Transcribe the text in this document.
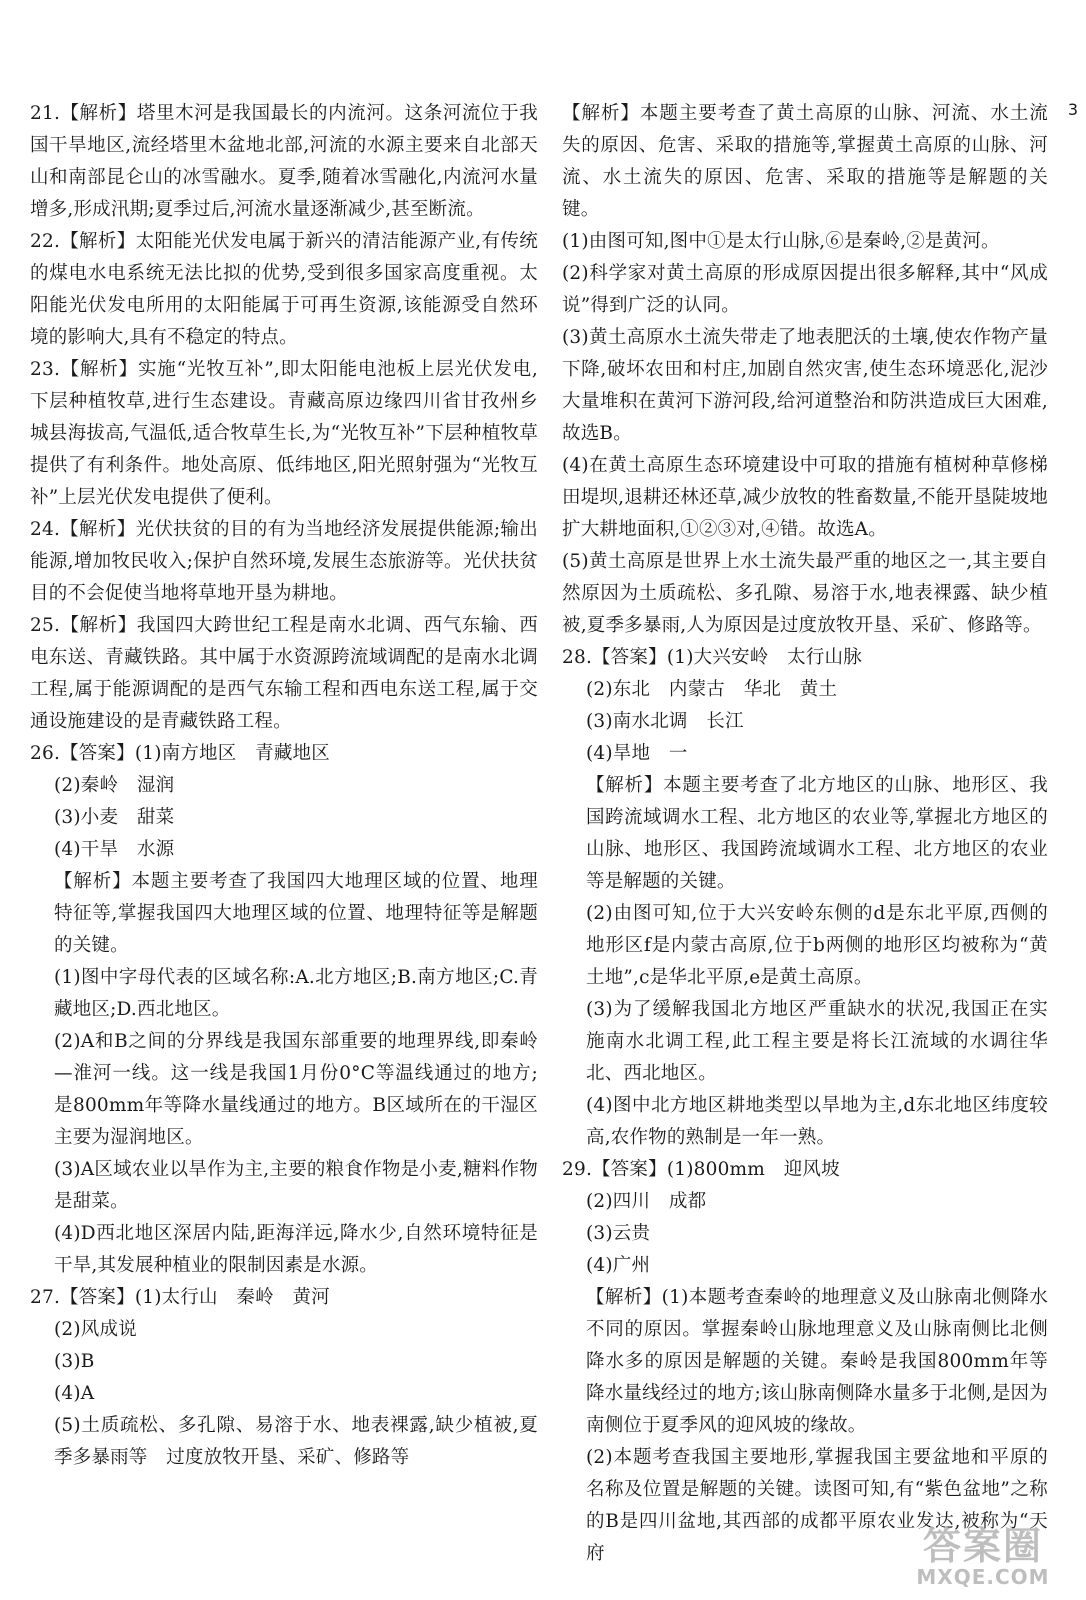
21.【解析】塔里木河是我国最长的内流河。这条河流位于我国干旱地区,流经塔里木盆地北部,河流的水源主要来自北部天山和南部昆仑山的冰雪融水。夏季,随着冰雪融化,内流河水量增多,形成汛期;夏季过后,河流水量逐渐减少,甚至断流。

22.【解析】太阳能光伏发电属于新兴的清洁能源产业,有传统的煤电水电系统无法比拟的优势,受到很多国家高度重视。太阳能光伏发电所用的太阳能属于可再生资源,该能源受自然环境的影响大,具有不稳定的特点。

23.【解析】实施“光牧互补”,即太阳能电池板上层光伏发电,下层种植牧草,进行生态建设。青藏高原边缘四川省甘孜州乡城县海拔高,气温低,适合牧草生长,为“光牧互补”下层种植牧草提供了有利条件。地处高原、低纬地区,阳光照射强为“光牧互补”上层光伏发电提供了便利。

24.【解析】光伏扶贫的目的有为当地经济发展提供能源;输出能源,增加牧民收入;保护自然环境,发展生态旅游等。光伏扶贫目的不会促使当地将草地开垦为耕地。

25.【解析】我国四大跨世纪工程是南水北调、西气东输、西电东送、青藏铁路。其中属于水资源跨流域调配的是南水北调工程,属于能源调配的是西气东输工程和西电东送工程,属于交通设施建设的是青藏铁路工程。

26.【答案】(1)南方地区　青藏地区

(2)秦岭　湿润

(3)小麦　甜菜

(4)干旱　水源

【解析】本题主要考查了我国四大地理区域的位置、地理特征等,掌握我国四大地理区域的位置、地理特征等是解题的关键。

(1)图中字母代表的区域名称:A.北方地区;B.南方地区;C.青藏地区;D.西北地区。

(2)A和B之间的分界线是我国东部重要的地理界线,即秦岭—淮河一线。这一线是我国1月份0°C等温线通过的地方;是800mm年等降水量线通过的地方。B区域所在的干湿区主要为湿润地区。

(3)A区域农业以旱作为主,主要的粮食作物是小麦,糖料作物是甜菜。

(4)D西北地区深居内陆,距海洋远,降水少,自然环境特征是干旱,其发展种植业的限制因素是水源。

27.【答案】(1)太行山　秦岭　黄河

(2)风成说

(3)B

(4)A

(5)土质疏松、多孔隙、易溶于水、地表裸露,缺少植被,夏季多暴雨等　过度放牧开垦、采矿、修路等

【解析】本题主要考查了黄土高原的山脉、河流、水土流失的原因、危害、采取的措施等,掌握黄土高原的山脉、河流、水土流失的原因、危害、采取的措施等是解题的关键。

(1)由图可知,图中①是太行山脉,⑥是秦岭,②是黄河。

(2)科学家对黄土高原的形成原因提出很多解释,其中“风成说”得到广泛的认同。

(3)黄土高原水土流失带走了地表肥沃的土壤,使农作物产量下降,破坏农田和村庄,加剧自然灾害,使生态环境恶化,泥沙大量堆积在黄河下游河段,给河道整治和防洪造成巨大困难,故选B。

(4)在黄土高原生态环境建设中可取的措施有植树种草修梯田堤坝,退耕还林还草,减少放牧的牲畜数量,不能开垦陡坡地扩大耕地面积,①②③对,④错。故选A。

(5)黄土高原是世界上水土流失最严重的地区之一,其主要自然原因为土质疏松、多孔隙、易溶于水,地表裸露、缺少植被,夏季多暴雨,人为原因是过度放牧开垦、采矿、修路等。

28.【答案】(1)大兴安岭　太行山脉

(2)东北　内蒙古　华北　黄土

(3)南水北调　长江

(4)旱地　一

【解析】本题主要考查了北方地区的山脉、地形区、我国跨流域调水工程、北方地区的农业等,掌握北方地区的山脉、地形区、我国跨流域调水工程、北方地区的农业等是解题的关键。

(2)由图可知,位于大兴安岭东侧的d是东北平原,西侧的地形区f是内蒙古高原,位于b两侧的地形区均被称为“黄土地”,c是华北平原,e是黄土高原。

(3)为了缓解我国北方地区严重缺水的状况,我国正在实施南水北调工程,此工程主要是将长江流域的水调往华北、西北地区。

(4)图中北方地区耕地类型以旱地为主,d东北地区纬度较高,农作物的熟制是一年一熟。

29.【答案】(1)800mm　迎风坡

(2)四川　成都

(3)云贵

(4)广州

【解析】(1)本题考查秦岭的地理意义及山脉南北侧降水不同的原因。掌握秦岭山脉地理意义及山脉南侧比北侧降水多的原因是解题的关键。秦岭是我国800mm年等降水量线经过的地方;该山脉南侧降水量多于北侧,是因为南侧位于夏季风的迎风坡的缘故。

(2)本题考查我国主要地形,掌握我国主要盆地和平原的名称及位置是解题的关键。读图可知,有“紫色盆地”之称的B是四川盆地,其西部的成都平原农业发达,被称为“天府

3
答案圈
MXQE.COM
